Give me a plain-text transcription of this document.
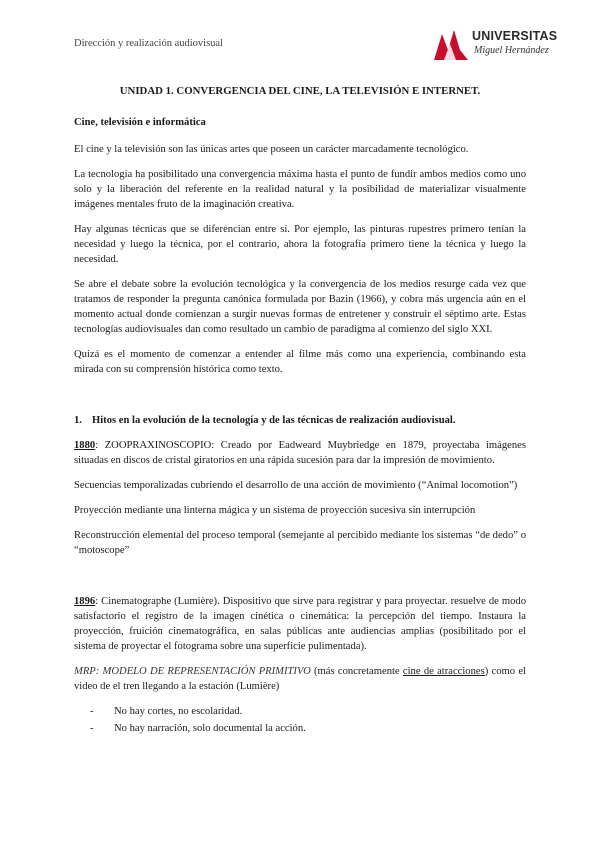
Dirección y realización audiovisual
UNIVERSITAS
Miguel Hernández
UNIDAD 1. CONVERGENCIA DEL CINE, LA TELEVISIÓN E INTERNET.
Cine, televisión e informática

El cine y la televisión son las únicas artes que poseen un carácter marcadamente tecnológico.

La tecnología ha posibilitado una convergencia máxima hasta el punto de fundir ambos medios como uno solo y la liberación del referente en la realidad natural y la posibilidad de materializar visualmente imágenes mentales fruto de la imaginación creativa.

Hay algunas técnicas que se diferencian entre sí. Por ejemplo, las pinturas rupestres primero tenían la necesidad y luego la técnica, por el contrario, ahora la fotografía primero tiene la técnica y luego la necesidad.

Se abre el debate sobre la evolución tecnológica y la convergencia de los medios resurge cada vez que tratamos de responder la pregunta canónica formulada por Bazin (1966), y cobra más urgencia aún en el momento actual donde comienzan a surgir nuevas formas de entretener y construir el séptimo arte. Estas tecnologías audiovisuales dan como resultado un cambio de paradigma al comienzo del siglo XXI.

Quizá es el momento de comenzar a entender al filme más como una experiencia, combinando esta mirada con su comprensión histórica como texto.

1. Hitos en la evolución de la tecnología y de las técnicas de realización audiovisual.

1880: ZOOPRAXINOSCOPIO: Creado por Eadweard Muybriedge en 1879, proyectaba imágenes situadas en discos de cristal giratorios en una rápida sucesión para dar la impresión de movimiento.

Secuencias temporalizadas cubriendo el desarrollo de una acción de movimiento (“Animal locomotion”)

Proyección mediante una linterna mágica y un sistema de proyección sucesiva sin interrupción

Reconstrucción elemental del proceso temporal (semejante al percibido mediante los sistemas “de dedo” o “motoscope”

1896: Cinematographe (Lumière). Dispositivo que sirve para registrar y para proyectar. resuelve de modo satisfactorio el registro de la imagen cinética o cinemática: la percepción del tiempo. Instaura la proyección, fruición cinematográfica, en salas públicas ante audiencias amplias (posibilitado por el sistema de proyectar el fotograma sobre una superficie pulimentada).

MRP: MODELO DE REPRESENTACIÓN PRIMITIVO (más concretamente cine de atracciones) como el video de el tren llegando a la estación (Lumière)

- No hay cortes, no escolaridad.
- No hay narración, solo documental la acción.
